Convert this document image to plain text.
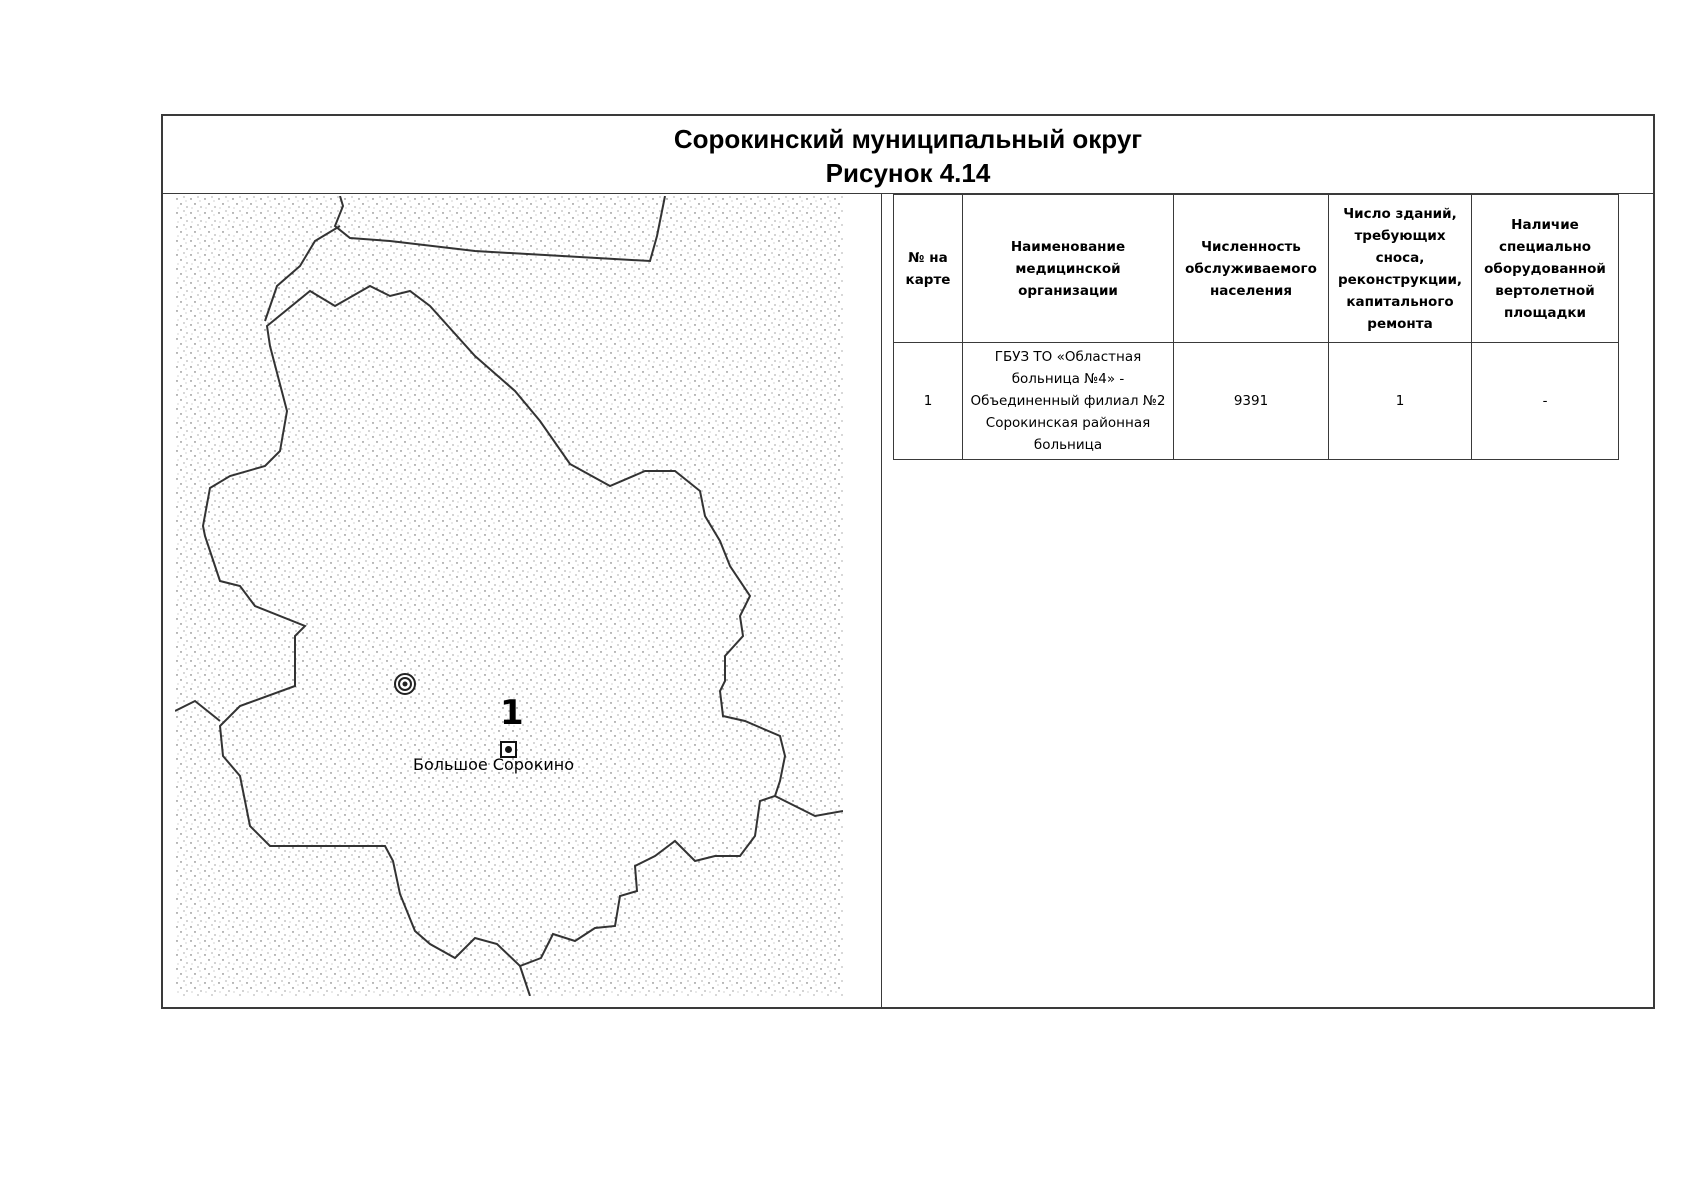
Сорокинский муниципальный округ
Рисунок 4.14
1
Большое Сорокино
№ на карте	Наименование медицинской организации	Численность обслуживаемого населения	Число зданий, требующих сноса, реконструкции, капитального ремонта	Наличие специально оборудованной вертолетной площадки
1	ГБУЗ ТО «Областная больница №4» - Объединенный филиал №2 Сорокинская районная больница	9391	1	-
